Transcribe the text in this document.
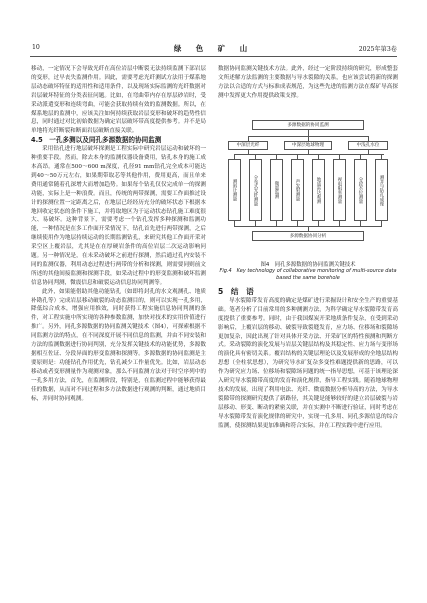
10	绿 色 矿 山	2025年第3卷

移动，一定情况下会导致光纤在高位岩层中断裂无法持续监测下部岩层的变形，过早丧失监测作用。因此，需要考虑光纤测试方法用于煤系地层动态破坏特征的适用性和适用条件，以及现场实际监测的光纤数据对岩层破坏特征的分类表征问题。比如，在弯曲带内存在厚层砂岩时，受采动派遣变形和连续弯曲，可能会获取持续有效的监测数据。所以，在煤系地层的监测中，应该关注如何持续获取岩层变形和破坏的趋势性信息，同时通过对比初始数据为确定岩层破坏带高度提供参考。并不是局单地将光纤断裂和断面岩层破断直接关联。

4.5　一孔多测以及同孔多源数据的协同监测

采用钻孔进行地层破坏探测是工程实际中研究岩层运动和破坏的一种重要手段。然而，除去本身的监测仪器设备费用，钻孔本身的施工成本高昂。通常在500～600 m深度，孔径91 mm钻孔完全成本可能达到40～50万元左右，如果期带取芯等其他作用，费用更高，而且单来费用通常随着孔深增大而增加趋势。如果每个钻孔仅仅完成单一的探测功能，实际上是一种浪费。而且，传统的两带探测，需要工作面推过设计的探测位置一定距离之后，在地层已经经历充分的破坏状态下根据本地回收定状态的条件下施工，并将取地区为于运动状态钻孔施工难度很大、易破坏。这种背景下，需要考虑一个钻孔发挥多种探测和监测功能，一种情况是在多工作面开采情况下，钻孔首先进行两带探测，之后继续使用作为地层持续运动的长期监测钻孔，来研究其他工作面开采对采空区上覆岩层，尤其是在在厚硬岩条件的高位岩层二次运动影响问题。另一种情况是，在未采动破坏之前进行探测，然后通过孔内安装不同的监测仪器，利用动态过程进行两带的分析和探测，则需要同则前文所述的其他间接监测和探测手段，如采动过程中的形变监测和破坏监测信息协同判测，微震信息和破裂运动信息协同判测等。

此外，如果能借助其他功能钻孔（如即将封孔的水文观测孔、地质补勘孔等）完成岩层移动破裂的动态监测目的，则可以实现一孔多用，降低综合成本，增强应用推效，同时获得工程实施信息协同判测的条件，对工程实施中所实现的各种参数监测，加快对技术的实用价值进行推广。另外，同孔多源数据的协同监测关键技术（图4），可探索根据不同监测方法的特点，在不同深度开展不同信息的监测，并由不同安装和方法的监测数据进行协同判别，充分发挥关键技术的功能优势，多源数据相互佐证、分段异面的形变监测和探测等。多源数据的协同监测是主要原则是：功能钻孔作用优先，钻孔减少工作量优先。比如，岩层动态移动或者变形测量作为观测对象，那么不同监测方法对于时空序列中的一孔多用方法，首先，在监测阶段，特别是，在监测过程中能够获得最佳的数据，从而对不同过程和多方法数据进行观测的判断，通过地质目标，并同时协同观测。

数据协同监测关键技术方法。此外，经过一定阶段持续的研究，形成整套文所述解方法监测的主要数据与导水裂隙的关系，也应该尝试将新的探测方法以合适的方式与标准成表规范，为这些先进的监测方法在煤矿导高探测中发挥更大作用提供政策支撑。

多源数据的协同监测
中深层光纤	中深层地球物理	中浅孔水位
测斜计测量	分布式光纤测量	微震监测	声发射测量	地质雷达观测	视电阻率测量	分段水位测量	测井与钻孔成像
多源数据协同分析
图4　同孔多源数据的协同监测关键技术
Fig.4　Key technology of collaborative monitoring of multi-source data based the same borehole

5　结　语

导水裂隙带发育高度的确定是煤矿进行采掘设计和安全生产的重要基础。笔者分析了目前常用的多种测测方法，为科学确定导水裂隙带发育高度提供了重要参考。同时，由于我国煤炭开采地质条件复杂，在受到采动影响后，上覆岩层的移动、破裂导致裂缝发育，应力场、位移场和裂隙场更加复杂，因此出现了针对具体开采方法、开采矿区的特性预测和判断方式。采动裂隙的演化发展与岩层关键层结构及其稳定性、应力场与变形场的演化具有密切关系。覆岩结构的关键层理论以及发展形成的全地层结构思想（全柱状思想），为研究导水矿复杂多变性难题提供新的思路，可以作为研究应力场、位移场和裂隙场问题的统一指导思想，可基于该理论深入研究导水裂隙带高度的发育和演化规律，指导工程实践。随着地球物理技术的发展，出现了利用电法、光纤、微震数据分析导高的方法，为导水裂隙带的探测研究提供了新路径，其关键是能够较好的建立岩层破裂与岩层移动、形变、断动的紧密关联，并在实测中不断进行验证，同时考虑在导水裂隙带发育演化规律的研究中，实现一孔多用、同孔多源信息的综合监测，使探测结果更加准确和符合实际，并在工程实践中进行应用。
